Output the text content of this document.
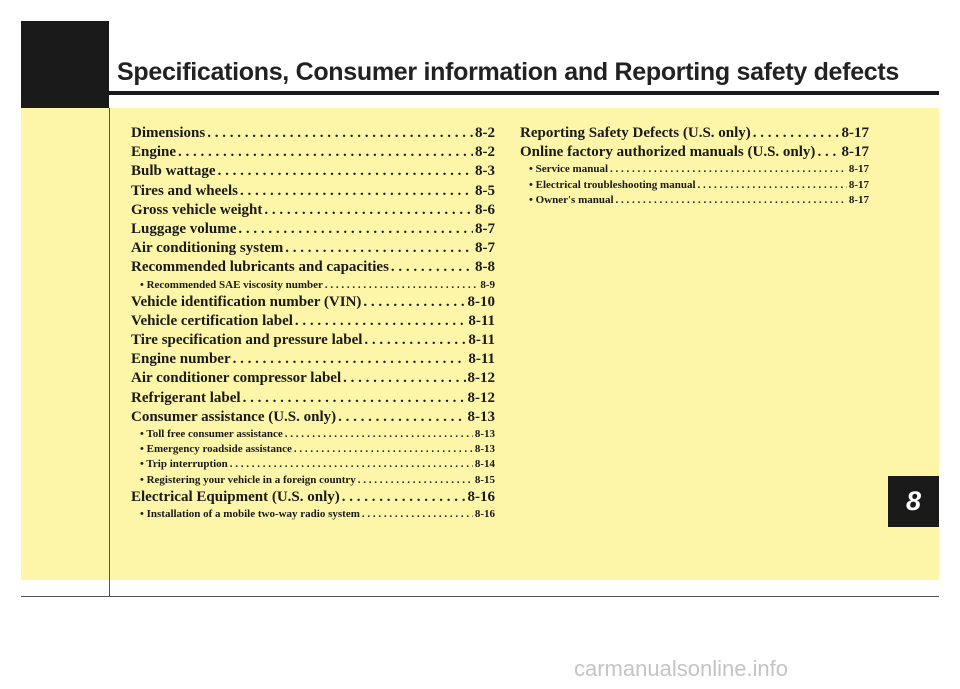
Specifications, Consumer information and Reporting safety defects
Dimensions . . .	8-2
Engine . . .	8-2
Bulb wattage . . .	8-3
Tires and wheels . . .	8-5
Gross vehicle weight . . .	8-6
Luggage volume . . .	8-7
Air conditioning system . . .	8-7
Recommended lubricants and capacities . . .	8-8
• Recommended SAE viscosity number . . .	8-9
Vehicle identification number (VIN) . . .	8-10
Vehicle certification label . . .	8-11
Tire specification and pressure label . . .	8-11
Engine number . . .	8-11
Air conditioner compressor label . . .	8-12
Refrigerant label . . .	8-12
Consumer assistance (U.S. only) . . .	8-13
• Toll free consumer assistance . . .	8-13
• Emergency roadside assistance . . .	8-13
• Trip interruption . . .	8-14
• Registering your vehicle in a foreign country . . .	8-15
Electrical Equipment (U.S. only) . . .	8-16
• Installation of a mobile two-way radio system . . .	8-16
Reporting Safety Defects (U.S. only) . . .	8-17
Online factory authorized manuals (U.S. only) . . . 8-17
• Service manual . . .	8-17
• Electrical troubleshooting manual . . .	8-17
• Owner's manual . . .	8-17
8
carmanualsonline.info
